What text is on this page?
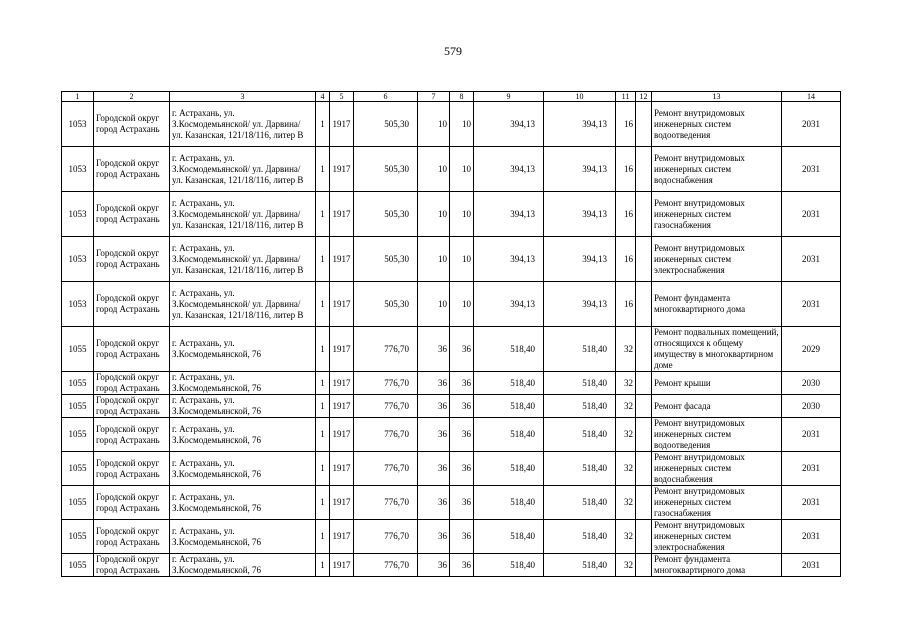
579
1	2	3	4	5	6	7	8	9	10	11	12	13	14
1053	Городской округ город Астрахань	г. Астрахань, ул. З.Космодемьянской/ ул. Дарвина/ ул. Казанская, 121/18/116, литер В	1	1917	505,30	10	10	394,13	394,13	16		Ремонт внутридомовых инженерных систем водоотведения	2031
1053	Городской округ город Астрахань	г. Астрахань, ул. З.Космодемьянской/ ул. Дарвина/ ул. Казанская, 121/18/116, литер В	1	1917	505,30	10	10	394,13	394,13	16		Ремонт внутридомовых инженерных систем водоснабжения	2031
1053	Городской округ город Астрахань	г. Астрахань, ул. З.Космодемьянской/ ул. Дарвина/ ул. Казанская, 121/18/116, литер В	1	1917	505,30	10	10	394,13	394,13	16		Ремонт внутридомовых инженерных систем газоснабжения	2031
1053	Городской округ город Астрахань	г. Астрахань, ул. З.Космодемьянской/ ул. Дарвина/ ул. Казанская, 121/18/116, литер В	1	1917	505,30	10	10	394,13	394,13	16		Ремонт внутридомовых инженерных систем электроснабжения	2031
1053	Городской округ город Астрахань	г. Астрахань, ул. З.Космодемьянской/ ул. Дарвина/ ул. Казанская, 121/18/116, литер В	1	1917	505,30	10	10	394,13	394,13	16		Ремонт фундамента многоквартирного дома	2031
1055	Городской округ город Астрахань	г. Астрахань, ул. З.Космодемьянской, 76	1	1917	776,70	36	36	518,40	518,40	32		Ремонт подвальных помещений, относящихся к общему имуществу в многоквартирном доме	2029
1055	Городской округ город Астрахань	г. Астрахань, ул. З.Космодемьянской, 76	1	1917	776,70	36	36	518,40	518,40	32		Ремонт крыши	2030
1055	Городской округ город Астрахань	г. Астрахань, ул. З.Космодемьянской, 76	1	1917	776,70	36	36	518,40	518,40	32		Ремонт фасада	2030
1055	Городской округ город Астрахань	г. Астрахань, ул. З.Космодемьянской, 76	1	1917	776,70	36	36	518,40	518,40	32		Ремонт внутридомовых инженерных систем водоотведения	2031
1055	Городской округ город Астрахань	г. Астрахань, ул. З.Космодемьянской, 76	1	1917	776,70	36	36	518,40	518,40	32		Ремонт внутридомовых инженерных систем водоснабжения	2031
1055	Городской округ город Астрахань	г. Астрахань, ул. З.Космодемьянской, 76	1	1917	776,70	36	36	518,40	518,40	32		Ремонт внутридомовых инженерных систем газоснабжения	2031
1055	Городской округ город Астрахань	г. Астрахань, ул. З.Космодемьянской, 76	1	1917	776,70	36	36	518,40	518,40	32		Ремонт внутридомовых инженерных систем электроснабжения	2031
1055	Городской округ город Астрахань	г. Астрахань, ул. З.Космодемьянской, 76	1	1917	776,70	36	36	518,40	518,40	32		Ремонт фундамента многоквартирного дома	2031
